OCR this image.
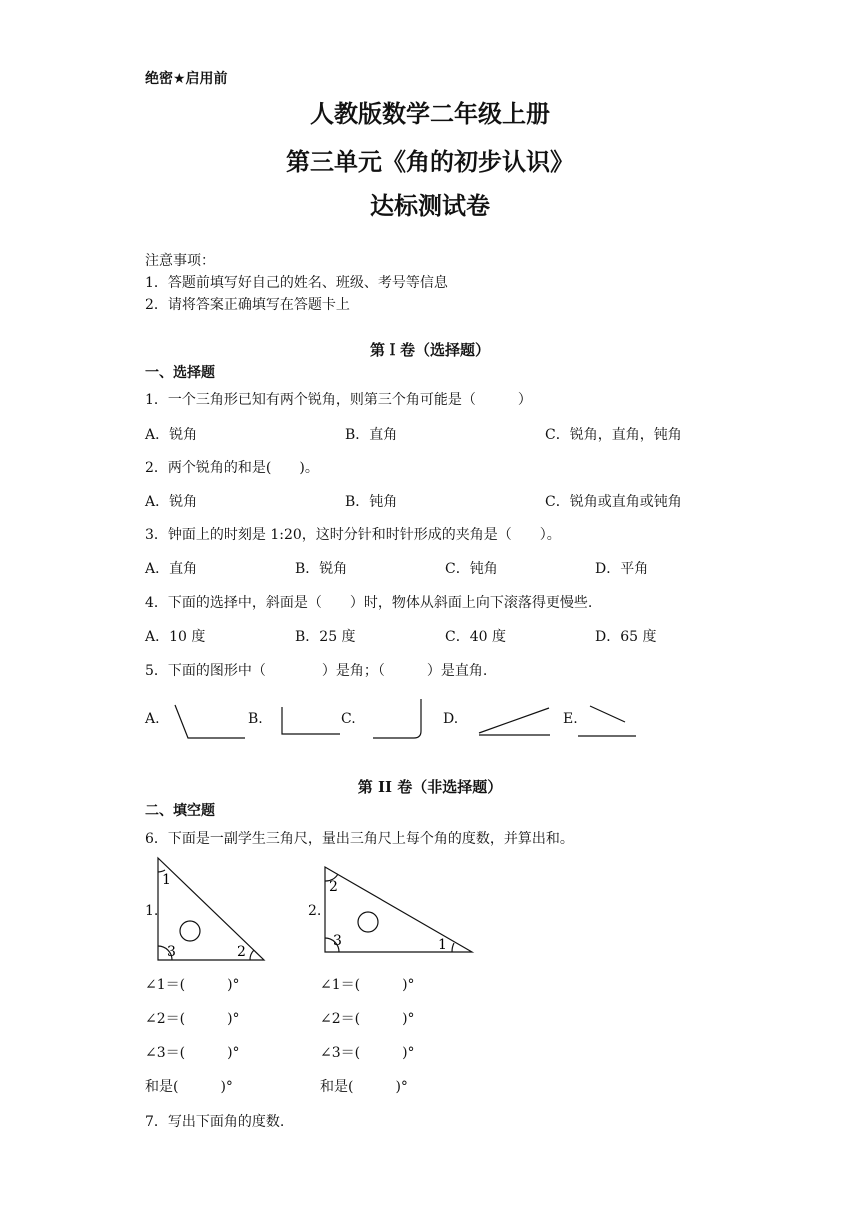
绝密★启用前
人教版数学二年级上册
第三单元《角的初步认识》
达标测试卷
注意事项：
1．答题前填写好自己的姓名、班级、考号等信息
2．请将答案正确填写在答题卡上
第Ｉ卷（选择题）
一、选择题
1．一个三角形已知有两个锐角，则第三个角可能是（　　　）
A．锐角	B．直角	C．锐角，直角，钝角
2．两个锐角的和是(　　)。
A．锐角	B．钝角	C．锐角或直角或钝角
3．钟面上的时刻是 1:20，这时分针和时针形成的夹角是（　　）。
A．直角	B．锐角	C．钝角	D．平角
4．下面的选择中，斜面是（　　）时，物体从斜面上向下滚落得更慢些.
A．10 度	B．25 度	C．40 度	D．65 度
5．下面的图形中（　　　　）是角；（　　　）是直角.
A.	B.	C.	D.	E.
第 II 卷（非选择题）
二、填空题
6．下面是一副学生三角尺，量出三角尺上每个角的度数，并算出和。
1.	2.
1
2
3
2
1
3
∠1＝(　　　)°
∠2＝(　　　)°
∠3＝(　　　)°
和是(　　　)°
∠1＝(　　　)°
∠2＝(　　　)°
∠3＝(　　　)°
和是(　　　)°
7．写出下面角的度数.
